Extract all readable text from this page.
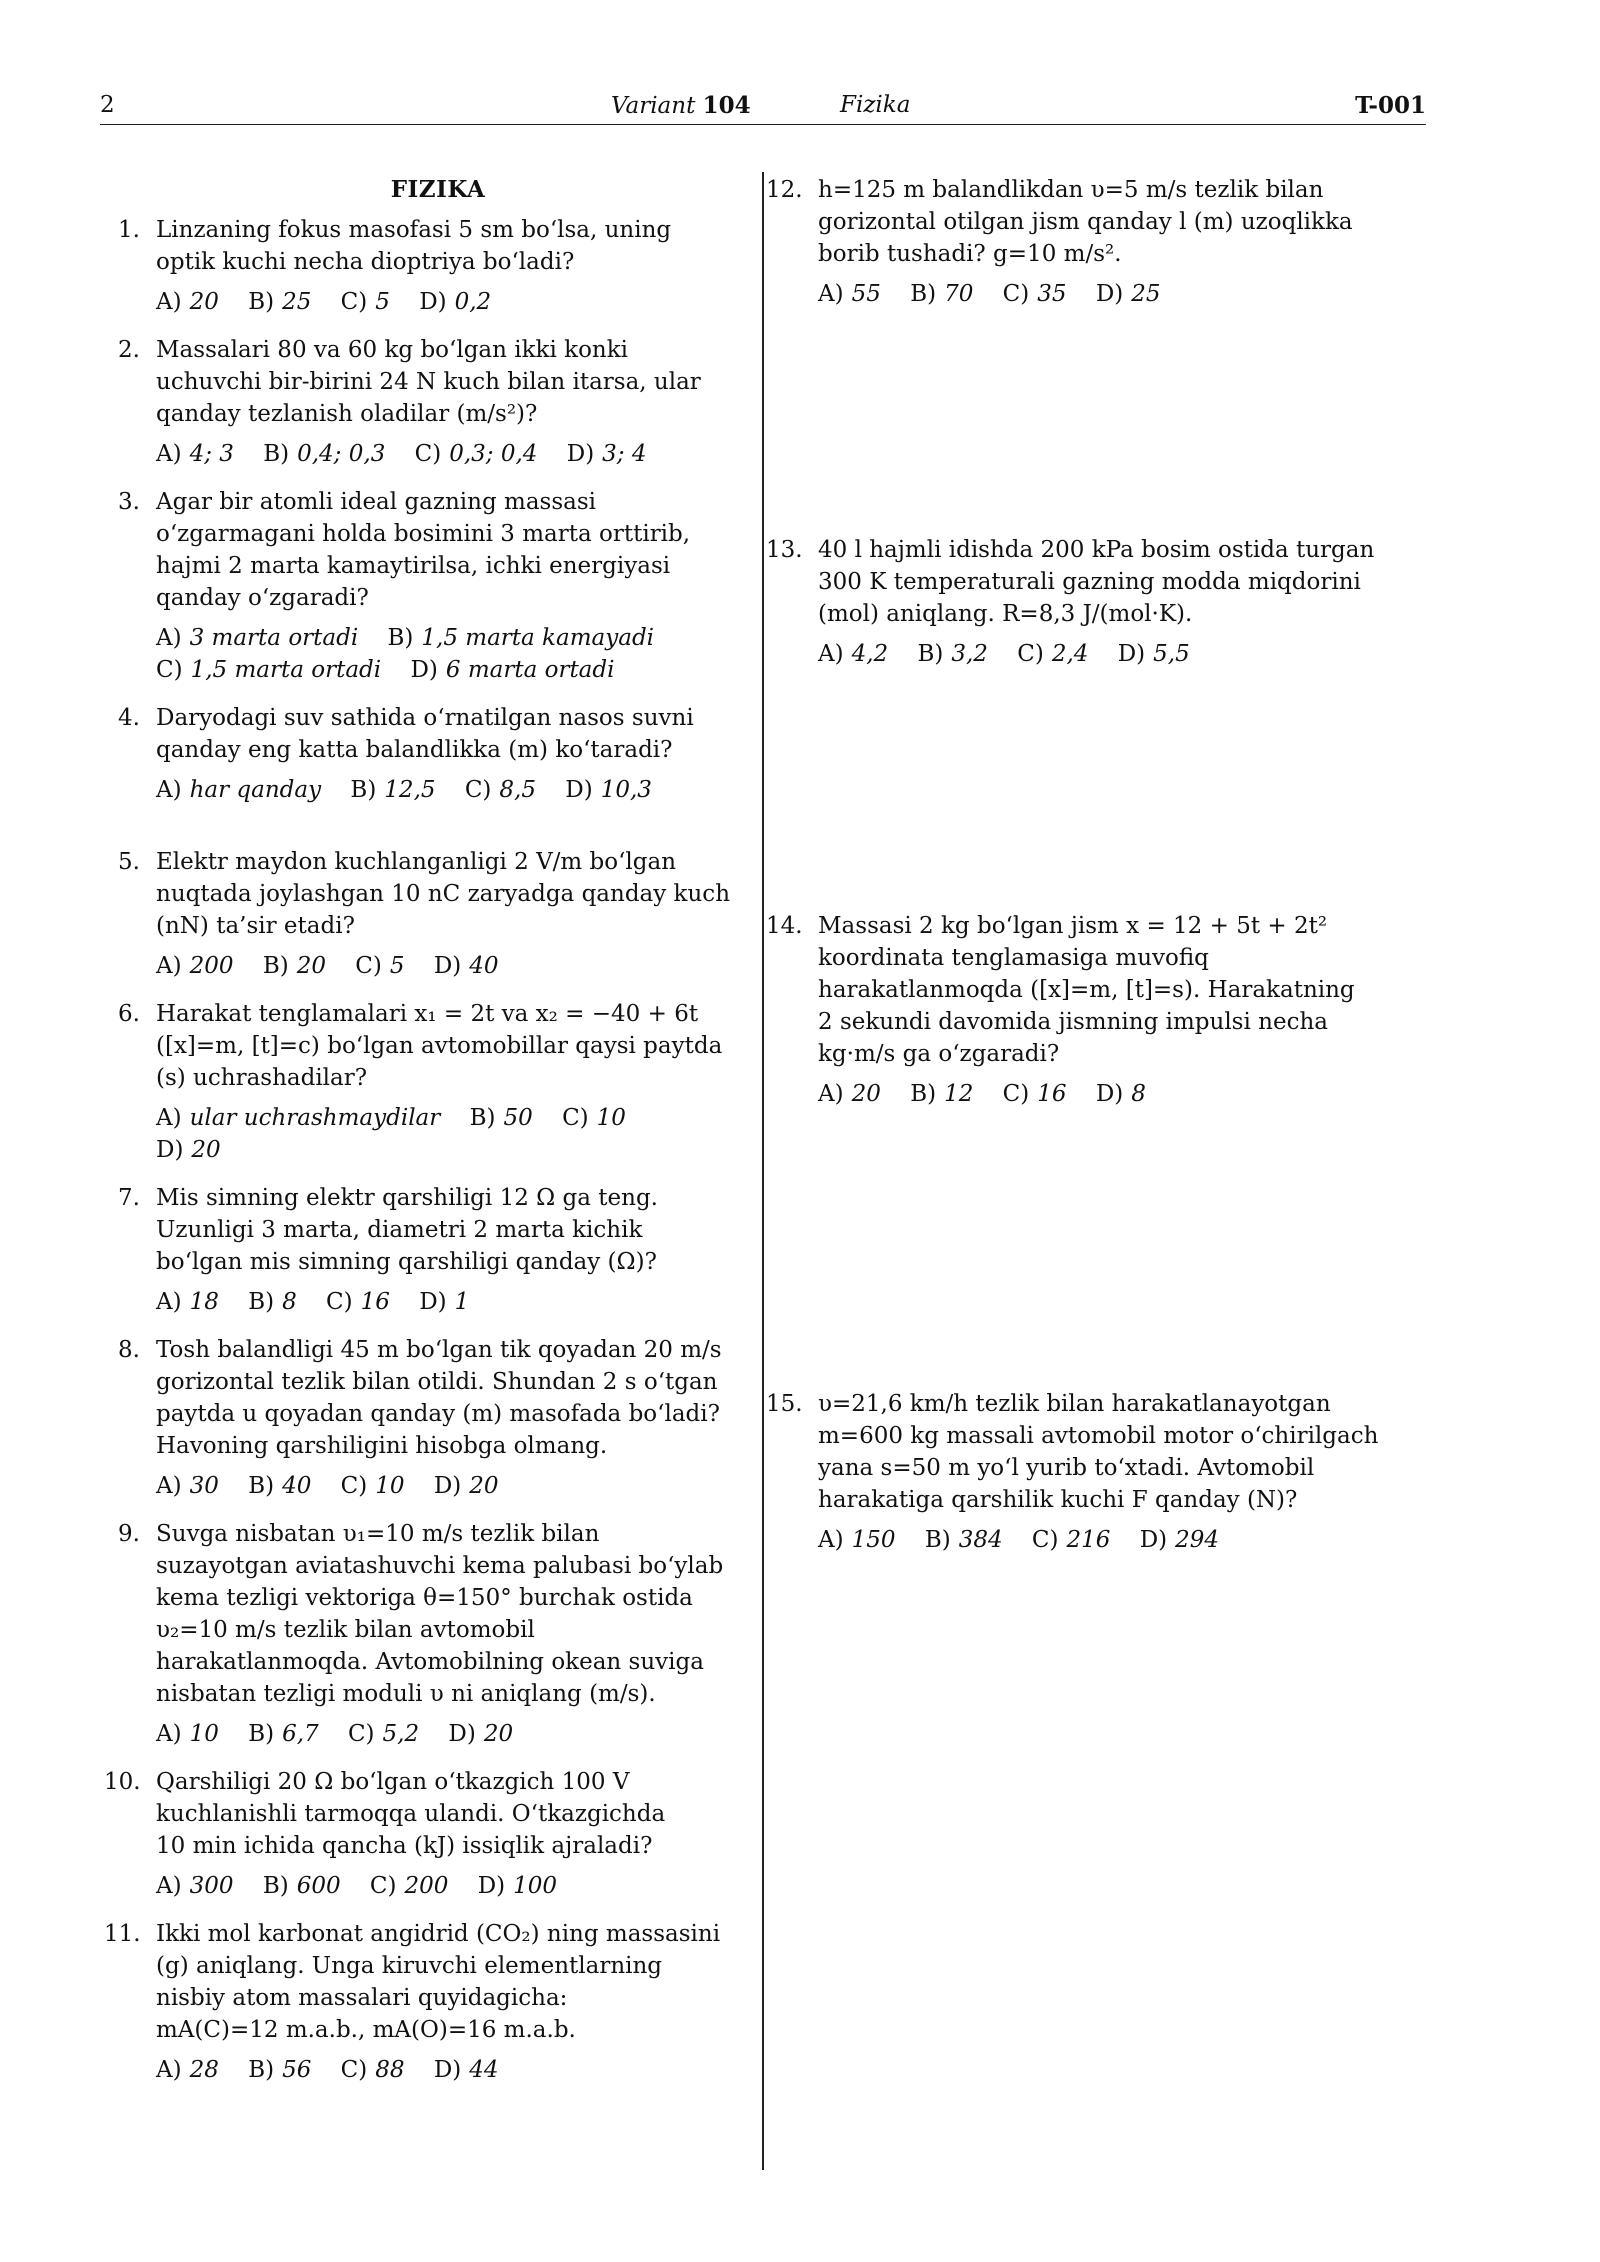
2	Variant 104	Fizika	T-001
FIZIKA
1. Linzaning fokus masofasi 5 sm bo‘lsa, uning
optik kuchi necha dioptriya bo‘ladi?
A) 20 B) 25 C) 5 D) 0,2
2. Massalari 80 va 60 kg bo‘lgan ikki konki
uchuvchi bir-birini 24 N kuch bilan itarsa, ular
qanday tezlanish oladilar (m/s²)?
A) 4; 3 B) 0,4; 0,3 C) 0,3; 0,4 D) 3; 4
3. Agar bir atomli ideal gazning massasi
o‘zgarmagani holda bosimini 3 marta orttirib,
hajmi 2 marta kamaytirilsa, ichki energiyasi
qanday o‘zgaradi?
A) 3 marta ortadi B) 1,5 marta kamayadi
C) 1,5 marta ortadi D) 6 marta ortadi
4. Daryodagi suv sathida o‘rnatilgan nasos suvni
qanday eng katta balandlikka (m) ko‘taradi?
A) har qanday B) 12,5 C) 8,5 D) 10,3
5. Elektr maydon kuchlanganligi 2 V/m bo‘lgan
nuqtada joylashgan 10 nC zaryadga qanday kuch
(nN) ta’sir etadi?
A) 200 B) 20 C) 5 D) 40
6. Harakat tenglamalari x₁ = 2t va x₂ = −40 + 6t
([x]=m, [t]=c) bo‘lgan avtomobillar qaysi paytda
(s) uchrashadilar?
A) ular uchrashmaydilar B) 50 C) 10
D) 20
7. Mis simning elektr qarshiligi 12 Ω ga teng.
Uzunligi 3 marta, diametri 2 marta kichik
bo‘lgan mis simning qarshiligi qanday (Ω)?
A) 18 B) 8 C) 16 D) 1
8. Tosh balandligi 45 m bo‘lgan tik qoyadan 20 m/s
gorizontal tezlik bilan otildi. Shundan 2 s o‘tgan
paytda u qoyadan qanday (m) masofada bo‘ladi?
Havoning qarshiligini hisobga olmang.
A) 30 B) 40 C) 10 D) 20
9. Suvga nisbatan υ₁=10 m/s tezlik bilan
suzayotgan aviatashuvchi kema palubasi bo‘ylab
kema tezligi vektoriga θ=150° burchak ostida
υ₂=10 m/s tezlik bilan avtomobil
harakatlanmoqda. Avtomobilning okean suviga
nisbatan tezligi moduli υ ni aniqlang (m/s).
A) 10 B) 6,7 C) 5,2 D) 20
10. Qarshiligi 20 Ω bo‘lgan o‘tkazgich 100 V
kuchlanishli tarmoqqa ulandi. O‘tkazgichda
10 min ichida qancha (kJ) issiqlik ajraladi?
A) 300 B) 600 C) 200 D) 100
11. Ikki mol karbonat angidrid (CO₂) ning massasini
(g) aniqlang. Unga kiruvchi elementlarning
nisbiy atom massalari quyidagicha:
mA(C)=12 m.a.b., mA(O)=16 m.a.b.
A) 28 B) 56 C) 88 D) 44
12. h=125 m balandlikdan υ=5 m/s tezlik bilan
gorizontal otilgan jism qanday l (m) uzoqlikka
borib tushadi? g=10 m/s².
A) 55 B) 70 C) 35 D) 25
13. 40 l hajmli idishda 200 kPa bosim ostida turgan
300 K temperaturali gazning modda miqdorini
(mol) aniqlang. R=8,3 J/(mol·K).
A) 4,2 B) 3,2 C) 2,4 D) 5,5
14. Massasi 2 kg bo‘lgan jism x = 12 + 5t + 2t²
koordinata tenglamasiga muvofiq
harakatlanmoqda ([x]=m, [t]=s). Harakatning
2 sekundi davomida jismning impulsi necha
kg·m/s ga o‘zgaradi?
A) 20 B) 12 C) 16 D) 8
15. υ=21,6 km/h tezlik bilan harakatlanayotgan
m=600 kg massali avtomobil motor o‘chirilgach
yana s=50 m yo‘l yurib to‘xtadi. Avtomobil
harakatiga qarshilik kuchi F qanday (N)?
A) 150 B) 384 C) 216 D) 294
